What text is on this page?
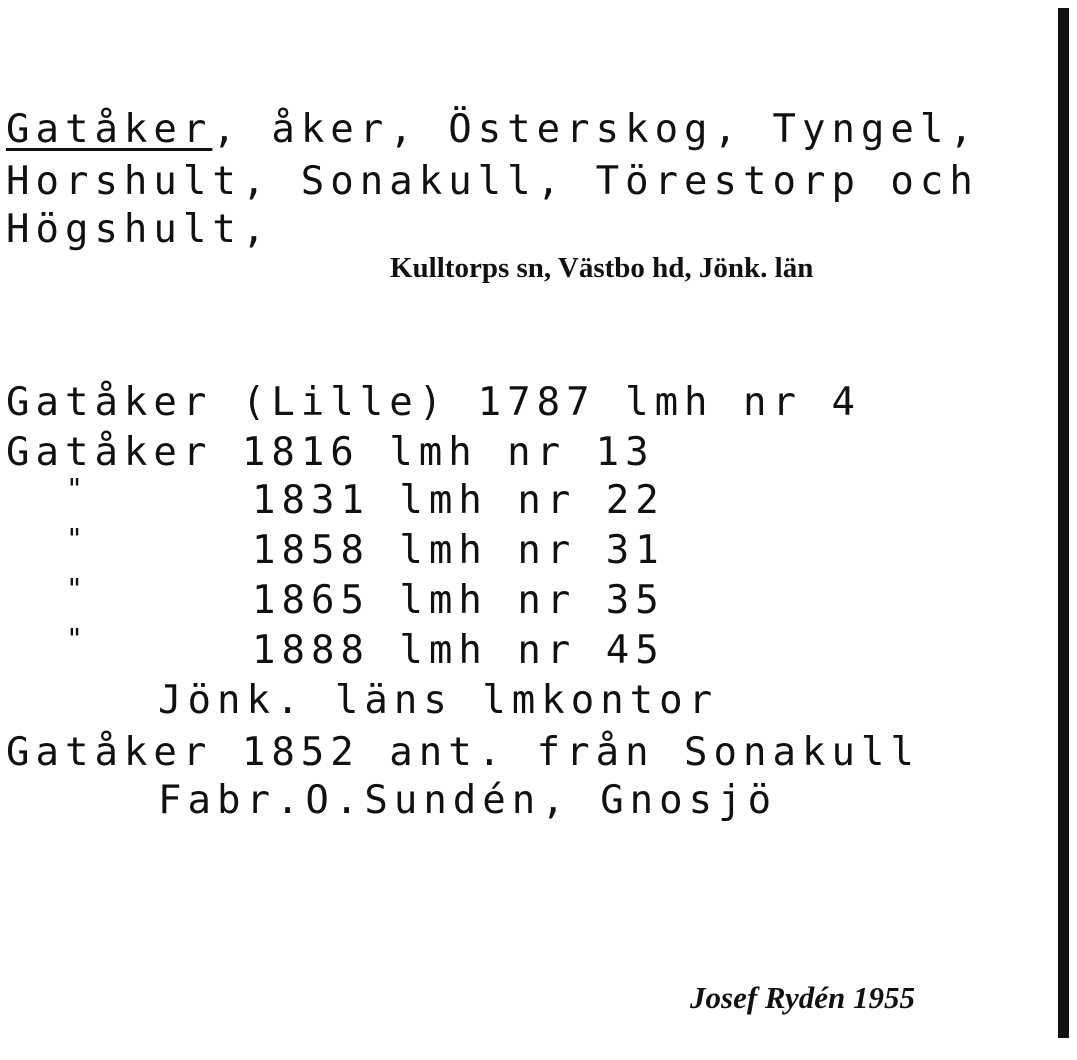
Gatåker, åker, Österskog, Tyngel,
Horshult, Sonakull, Törestorp och
Högshult,
Kulltorps sn, Västbo hd, Jönk. län
Gatåker (Lille) 1787 lmh nr 4
Gatåker 1816 lmh nr 13
"	1831 lmh nr 22
"	1858 lmh nr 31
"	1865 lmh nr 35
"	1888 lmh nr 45
Jönk. läns lmkontor
Gatåker 1852 ant. från Sonakull
Fabr.O.Sundén, Gnosjö
Josef Rydén 1955
